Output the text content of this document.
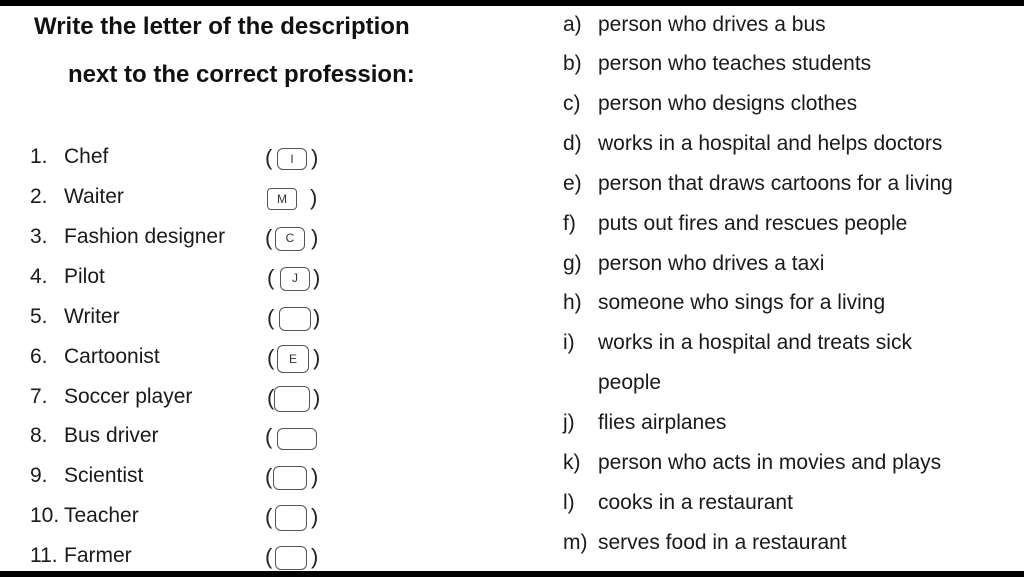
Write the letter of the description
next to the correct profession:
1. Chef	(	I )
2. Waiter	M	)
3. Fashion designer (	C )
4. Pilot	(	J )
5. Writer	( )
6. Cartoonist	(	E )
7. Soccer player	( )
8. Bus driver	(
9. Scientist	( )
10. Teacher	( )
11. Farmer	( )
a) person who drives a bus
b) person who teaches students
c) person who designs clothes
d) works in a hospital and helps doctors
e) person that draws cartoons for a living
f)	puts out fires and rescues people
g) person who drives a taxi
h) someone who sings for a living
i)	works in a hospital and treats sick
people
j)	flies airplanes
k) person who acts in movies and plays
l)	cooks in a restaurant
m) serves food in a restaurant
